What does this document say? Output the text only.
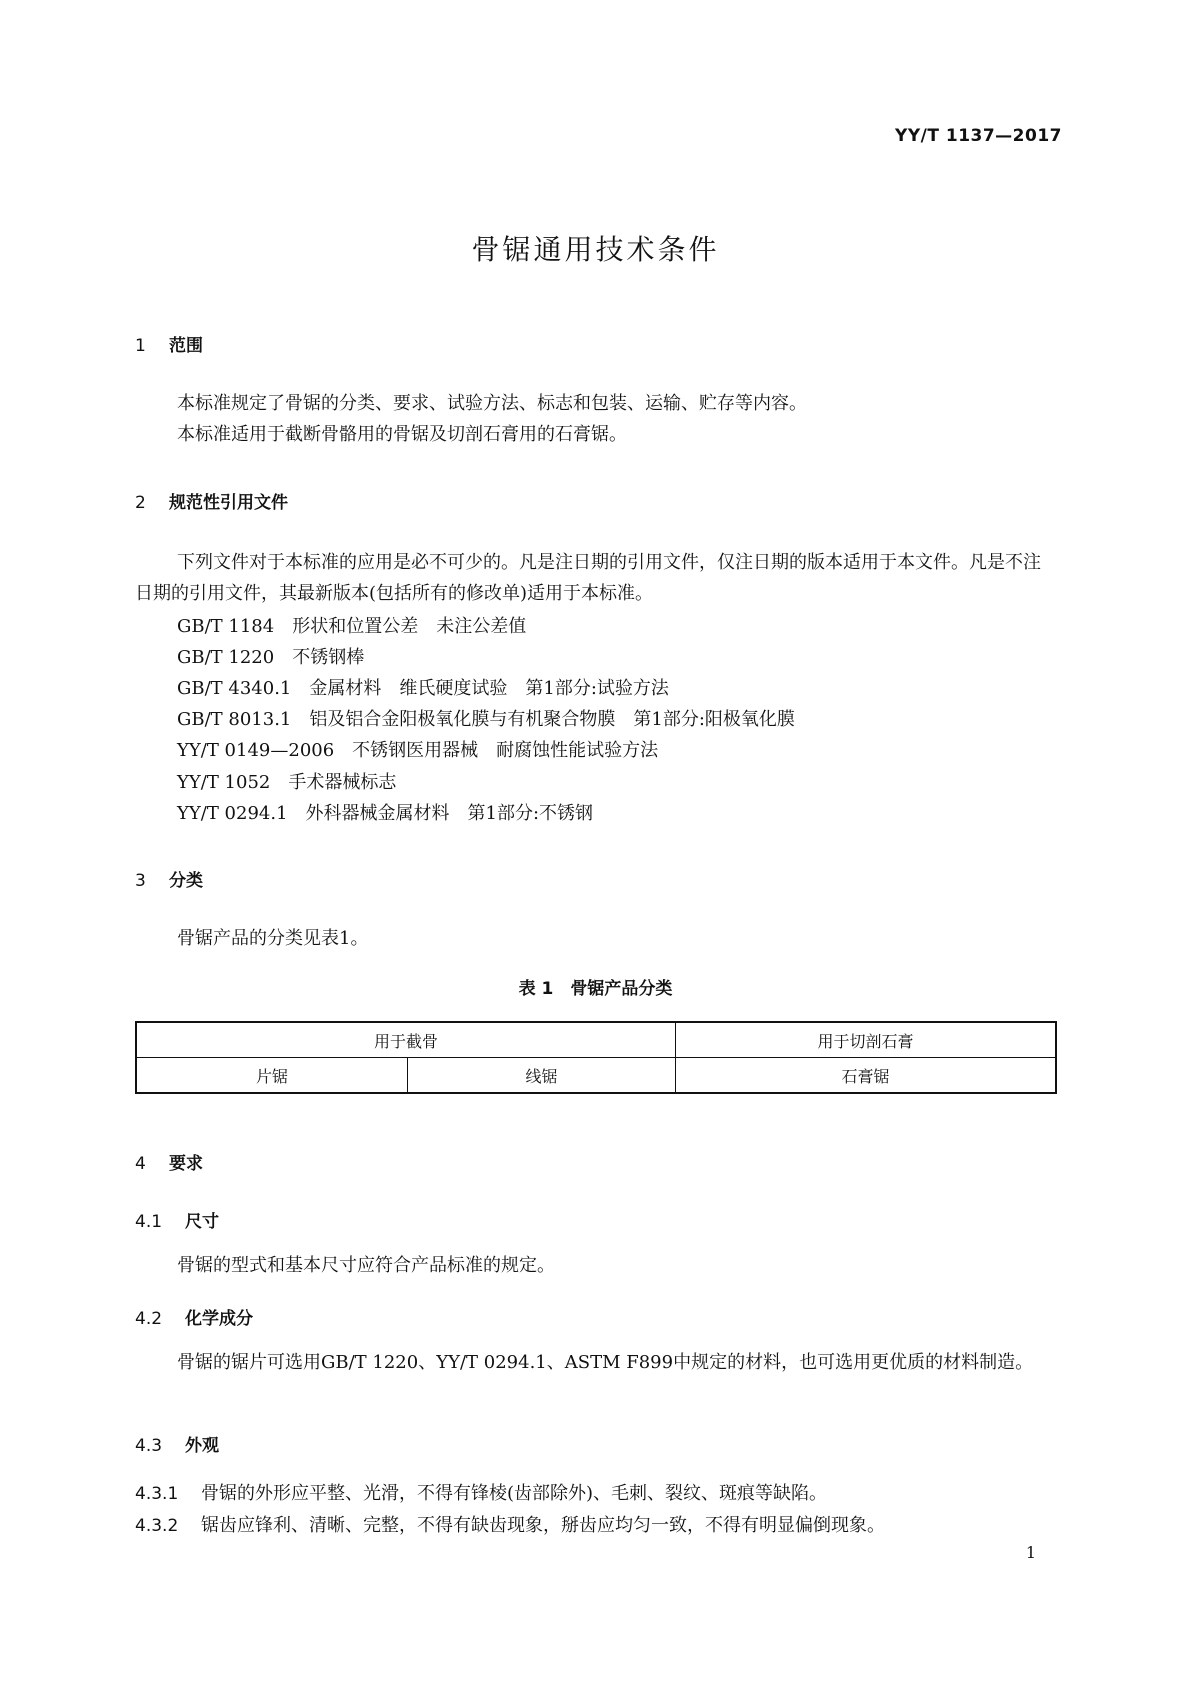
YY/T 1137—2017
骨锯通用技术条件
1 范围
本标准规定了骨锯的分类、要求、试验方法、标志和包装、运输、贮存等内容。
本标准适用于截断骨骼用的骨锯及切剖石膏用的石膏锯。
2 规范性引用文件
下列文件对于本标准的应用是必不可少的。凡是注日期的引用文件，仅注日期的版本适用于本文件。凡是不注日期的引用文件，其最新版本(包括所有的修改单)适用于本标准。
GB/T 1184　形状和位置公差　未注公差值
GB/T 1220　不锈钢棒
GB/T 4340.1　金属材料　维氏硬度试验　第1部分:试验方法
GB/T 8013.1　铝及铝合金阳极氧化膜与有机聚合物膜　第1部分:阳极氧化膜
YY/T 0149—2006　不锈钢医用器械　耐腐蚀性能试验方法
YY/T 1052　手术器械标志
YY/T 0294.1　外科器械金属材料　第1部分:不锈钢
3 分类
骨锯产品的分类见表1。
表 1　骨锯产品分类
用于截骨		用于切剖石膏
片锯	线锯	石膏锯
4 要求
4.1 尺寸
骨锯的型式和基本尺寸应符合产品标准的规定。
4.2 化学成分
骨锯的锯片可选用GB/T 1220、YY/T 0294.1、ASTM F899中规定的材料，也可选用更优质的材料制造。
4.3 外观
4.3.1 骨锯的外形应平整、光滑，不得有锋棱(齿部除外)、毛刺、裂纹、斑痕等缺陷。
4.3.2 锯齿应锋利、清晰、完整，不得有缺齿现象，掰齿应均匀一致，不得有明显偏倒现象。
1
